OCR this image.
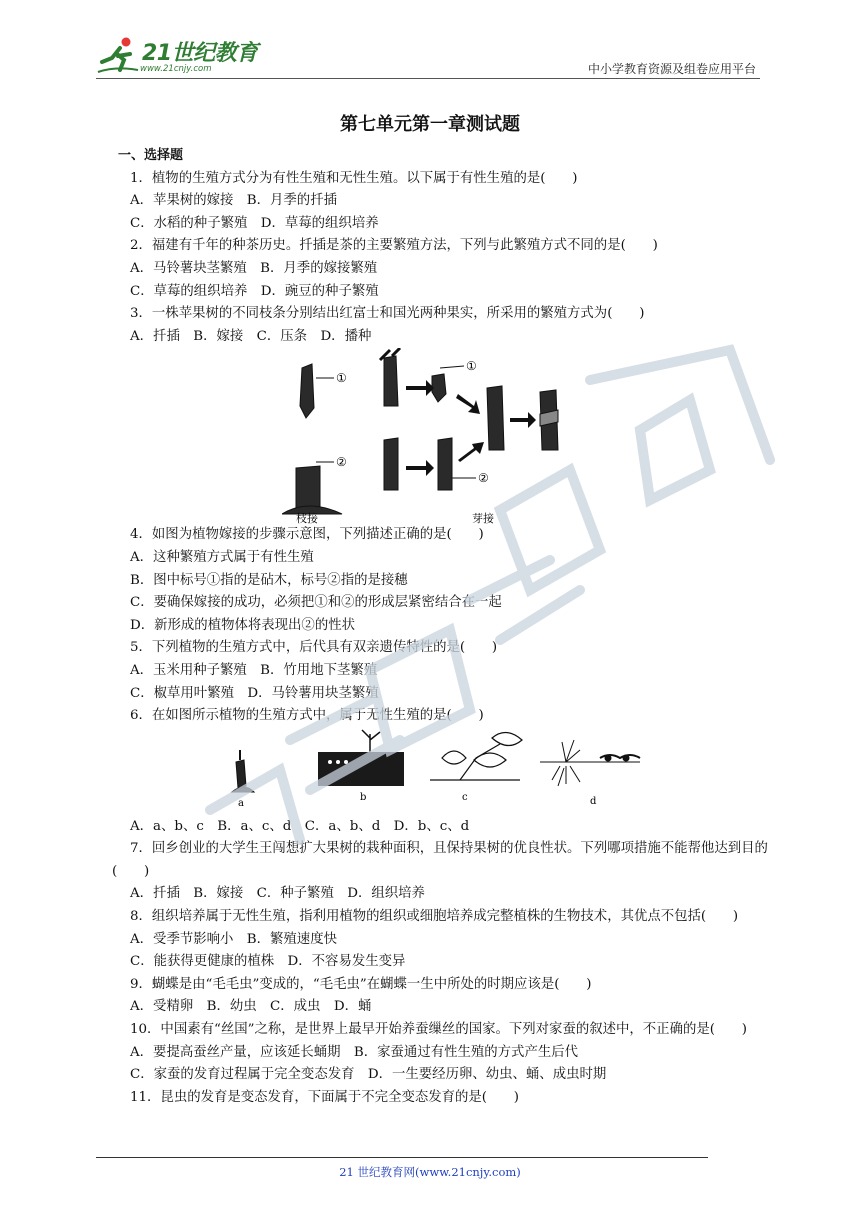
21世纪教育
www.21cnjy.com	中小学教育资源及组卷应用平台
第七单元第一章测试题
一、选择题
1．植物的生殖方式分为有性生殖和无性生殖。以下属于有性生殖的是(　　)
A．苹果树的嫁接　B．月季的扦插
C．水稻的种子繁殖　D．草莓的组织培养
2．福建有千年的种茶历史。扦插是茶的主要繁殖方法，下列与此繁殖方式不同的是(　　)
A．马铃薯块茎繁殖　B．月季的嫁接繁殖
C．草莓的组织培养　D．豌豆的种子繁殖
3．一株苹果树的不同枝条分别结出红富士和国光两种果实，所采用的繁殖方式为(　　)
A．扦插　B．嫁接　C．压条　D．播种
①
②
①
②
枝接	芽接
4．如图为植物嫁接的步骤示意图，下列描述正确的是(　　)
A．这种繁殖方式属于有性生殖
B．图中标号①指的是砧木，标号②指的是接穗
C．要确保嫁接的成功，必须把①和②的形成层紧密结合在一起
D．新形成的植物体将表现出②的性状
5．下列植物的生殖方式中，后代具有双亲遗传特性的是(　　)
A．玉米用种子繁殖　B．竹用地下茎繁殖
C．椒草用叶繁殖　D．马铃薯用块茎繁殖
6．在如图所示植物的生殖方式中，属于无性生殖的是(　　)
a
b	c	d
A．a、b、c　B．a、c、d　C．a、b、d　D．b、c、d
7．回乡创业的大学生王闯想扩大果树的栽种面积，且保持果树的优良性状。下列哪项措施不能帮他达到目的(　　)
A．扦插　B．嫁接　C．种子繁殖　D．组织培养
8．组织培养属于无性生殖，指利用植物的组织或细胞培养成完整植株的生物技术，其优点不包括(　　)
A．受季节影响小　B．繁殖速度快
C．能获得更健康的植株　D．不容易发生变异
9．蝴蝶是由“毛毛虫”变成的，“毛毛虫”在蝴蝶一生中所处的时期应该是(　　)
A．受精卵　B．幼虫　C．成虫　D．蛹
10．中国素有“丝国”之称，是世界上最早开始养蚕缫丝的国家。下列对家蚕的叙述中，不正确的是(　　)
A．要提高蚕丝产量，应该延长蛹期　B．家蚕通过有性生殖的方式产生后代
C．家蚕的发育过程属于完全变态发育　D．一生要经历卵、幼虫、蛹、成虫时期
11．昆虫的发育是变态发育，下面属于不完全变态发育的是(　　)
21 世纪教育网(www.21cnjy.com)
